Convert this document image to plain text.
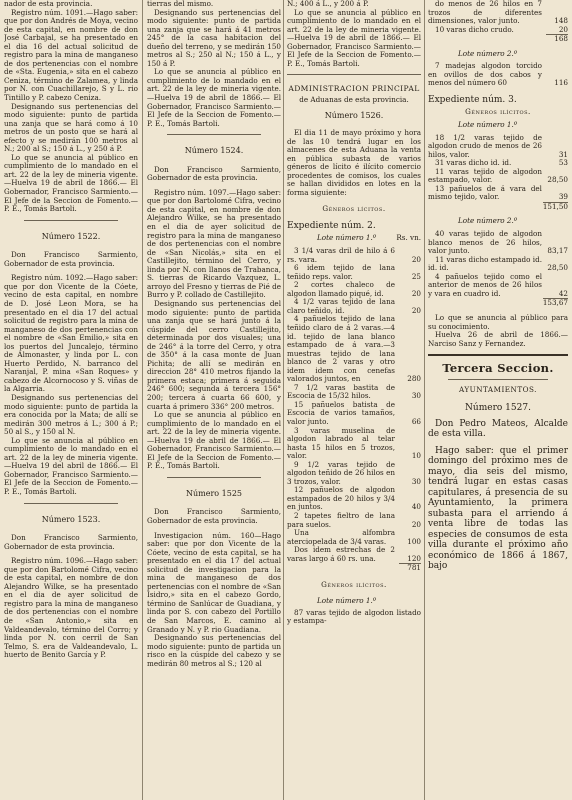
nador de esta provincia.

Registro núm. 1091.—Hago saber: que por don Andrés de Moya, vecino de esta capital, en nombre de don José Carbajal, se ha presentado en el dia 16 del actual solicitud de registro para la mina de manganeso de dos pertenencias con el nombre de «Sta. Eugenia,» sita en el cabezo Ceniza, término de Zalamea, y linda por N. con Cuachillarejo, S y L. rio Tintillo y P. cabezo Ceniza.

Designando sus pertenencias del modo siguiente: punto de partida una zanja que se hará como á 10 metros de un posto que se hará al efecto y se medirán 100 metros al N.; 200 al S.; 150 á L., y 250 á P.

Lo que se anuncia al público en cumplimiento de lo mandado en el art. 22 de la ley de mineria vigente. —Huelva 19 de abril de 1866.— El Gobernador, Francisco Sarmiento.—El Jefe de la Seccion de Fomento.—P. E., Tomás Bartoli.

Número 1522.

Don Francisco Sarmiento, Gobernador de esta provincia.

Registro núm. 1092.—Hago saber: que por don Vicente de la Cóete, vecino de esta capital, en nombre de D. José Leon Mora, se ha presentado en el dia 17 del actual solicitud de registro para la mina de manganeso de dos pertenencias con el nombre de «San Emilio,» sita en los puertos del Juncalejo, término de Almonaster, y linda por L. con Huerto Perdido, N. barranco del Naranjal, P. mina «San Roques» y cabezo de Alcornocoso y S. viñas de la Algarria.

Designando sus pertenencias del modo siguiente: punto de partida la era conocida por la Mata; de allí se medirán 300 metros á L.; 300 á P.; 50 al S., y 150 al N.

Lo que se anuncia al público en cumplimiento de lo mandado en el art. 22 de la ley de mineria vigente. —Huelva 19 del abril de 1866.— El Gobernador, Francisco Sarmiento.—El Jefe de la Seccion de Fomento.—P. E., Tomás Bartoli.

Número 1523.

Don Francisco Sarmiento, Gobernador de esta provincia.

Registro núm. 1096.—Hago saber: que por don Bartolomé Cifra, vecino de esta capital, en nombre de don Alejandro Wilke, se ha presentado en el dia de ayer solicitud de registro para la mina de manganeso de dos pertenencias con el nombre de «San Antonio,» sita en Valdeandevalo, término del Corro; y linda por N. con cerril de San Telmo, S. era de Valdeandevalo, L. huerto de Benito García y P.

tierras del mismo.

Designando sus pertenencias del modo siguiente: punto de partida una zanja que se hará á 41 metros 245° de la casa habitacion del dueño del terreno, y se medirán 150 metros al S.; 250 al N.; 150 á L., y 150 á P.

Lo que se anuncia al público en cumplimiento de lo mandado en el art. 22 de la ley de mineria vigente. —Huelva 19 de abril de 1866.— El Gobernador, Francisco Sarmiento.—El Jefe de la Seccion de Fomento.—P. E., Tomás Bartoli.

Número 1524.

Don Francisco Sarmiento, Gobernador de esta provincia.

Registro núm. 1097.—Hago saber: que por don Bartolomé Cifra, vecino de esta capital, en nombre de don Alejandro Wilke, se ha presentado en el dia de ayer solicitud de registro para la mina de manganeso de dos pertenencias con el nombre de «San Nicolás,» sita en el Castillejito, término del Cerro, y linda por N. con llanos de Trabanca, S. tierras de Ricardo Vazquez, L. arroyo del Fresno y tierras de Pié de Burro y P. collado de Castillejito.

Designando sus pertenencias del modo siguiente: punto de partida una zanja que se hará junto á la cúspide del cerro Castillejito, determinada por dos visuales; una de 246° á la torre del Cerro, y otra de 350° á la casa monte de Juan Pichita; de allí se medirán en direccion 28° 410 metros fijando la primera estaca; primera á seguida 246° 600; segunda á tercera 156° 200; tercera á cuarta 66 600, y cuarta á primero 336° 200 metros.

Lo que se anuncia al público en cumplimiento de lo mandado en el art. 22 de la ley de mineria vigente. —Huelva 19 de abril de 1866.— El Gobernador, Francisco Sarmiento.—El Jefe de la Seccion de Fomento.—P. E., Tomás Bartoli.

Número 1525

Don Francisco Sarmiento, Gobernador de esta provincia.

Investigacion núm. 160—Hago saber: que por don Vicente de la Cóete, vecino de esta capital, se ha presentado en el dia 17 del actual solicitud de investigacion para la mina de manganeso de dos pertenencias con el nombre de «San Isidro,» sita en el cabezo Gordo, término de Sanlúcar de Guadiana, y linda por S. con cabezo del Portillo de San Marcos, E. camino al Granado y N. y P. rio Guadiana.

Designando sus pertenencias del modo siguiente: punto de partida un risco en la cúspide del cabezo y se medirán 80 metros al S.; 120 al

N.; 400 á L., y 200 á P.

Lo que se anuncia al público en cumplimiento de lo mandado en el art. 22 de la ley de mineria vigente. —Huelva 19 de abril de 1866.— El Gobernador, Francisco Sarmiento.—El Jefe de la Seccion de Fomento.—P. E., Tomás Bartoli.

ADMINISTRACION PRINCIPAL
de Aduanas de esta provincia.
Número 1526.

El dia 11 de mayo próximo y hora de las 10 tendrá lugar en los almacenes de esta Aduana la venta en pública subasta de varios géneros de lícito é ilícito comercio procedentes de comisos, los cuales se hallan divididos en lotes en la forma siguiente:

Géneros lícitos.
Expediente núm. 2.
Lote número 1.º	Rs. vn.
3 1/4 varas dril de hilo á 6 rs. vara.	20
6 idem tejido de lana teñido reps. valor.	25
2 cortes chaleco de algodon llamado piqué, id.	20
4 1/2 varas tejido de lana claro teñido, id.	20
4 pañuelos tejido de lana teñido claro de á 2 varas.—4 id. tejido de lana blanco estampado de á vara.—3 muestras tejido de lana blanco de 2 varas y otro idem idem con cenefas valorados juntos, en	280
7 1/2 varas bastita de Escocia de 15/32 hilos.	30
15 pañuelos batista de Escocia de varios tamaños, valor junto.	66
3 varas muselina de algodon labrado al telar hasta 15 hilos en 5 trozos, valor.	10
9 1/2 varas tejido de algodon teñido de 26 hilos en 3 trozos, valor.	30
12 pañuelos de algodon estampados de 20 hilos y 3/4 en juntos.	40
2 tapetes fieltro de lana para suelos.	20
Una alfombra aterciopelada de 3/4 varas.	100
Dos idem estrechas de 2 varas largo á 60 rs. una.	120
781
Géneros ilícitos.
Lote número 1.º

87 varas tejido de algodon listado y estampa-

do menos de 26 hilos en 7 trozos de diferentes dimensiones, valor junto.	148
10 varas dicho crudo.	20
168
Lote número 2.º
7 madejas algodon torcido en ovillos de dos cabos y menos del número 60	116
Expediente núm. 3.
Géneros ilícitos.
Lote número 1.º
18 1/2 varas tejido de algodon crudo de menos de 26 hilos, valor.	31
31 varas dicho id. id.	53
11 varas tejido de algodon estampado, valor.	28,50
13 pañuelos de á vara del mismo tejido, valor.	39
151,50
Lote número 2.º
40 varas tejido de algodon blanco menos de 26 hilos, valor junto.	83,17
11 varas dicho estampado id. id. id.	28,50
4 pañuelos tejido como el anterior de menos de 26 hilos y vara en cuadro id.	42
153,67

Lo que se anuncia al público para su conocimiento.

Huelva 26 de abril de 1866.— Narciso Sanz y Fernandez.

Tercera Seccion.
AYUNTAMIENTOS.
Número 1527.

Don Pedro Mateos, Alcalde de esta villa.

Hago saber: que el primer domingo del próximo mes de mayo, dia seis del mismo, tendrá lugar en estas casas capitulares, á presencia de su Ayuntamiento, la primera subasta para el arriendo á venta libre de todas las especies de consumos de esta villa durante el próximo año económico de 1866 á 1867, bajo
